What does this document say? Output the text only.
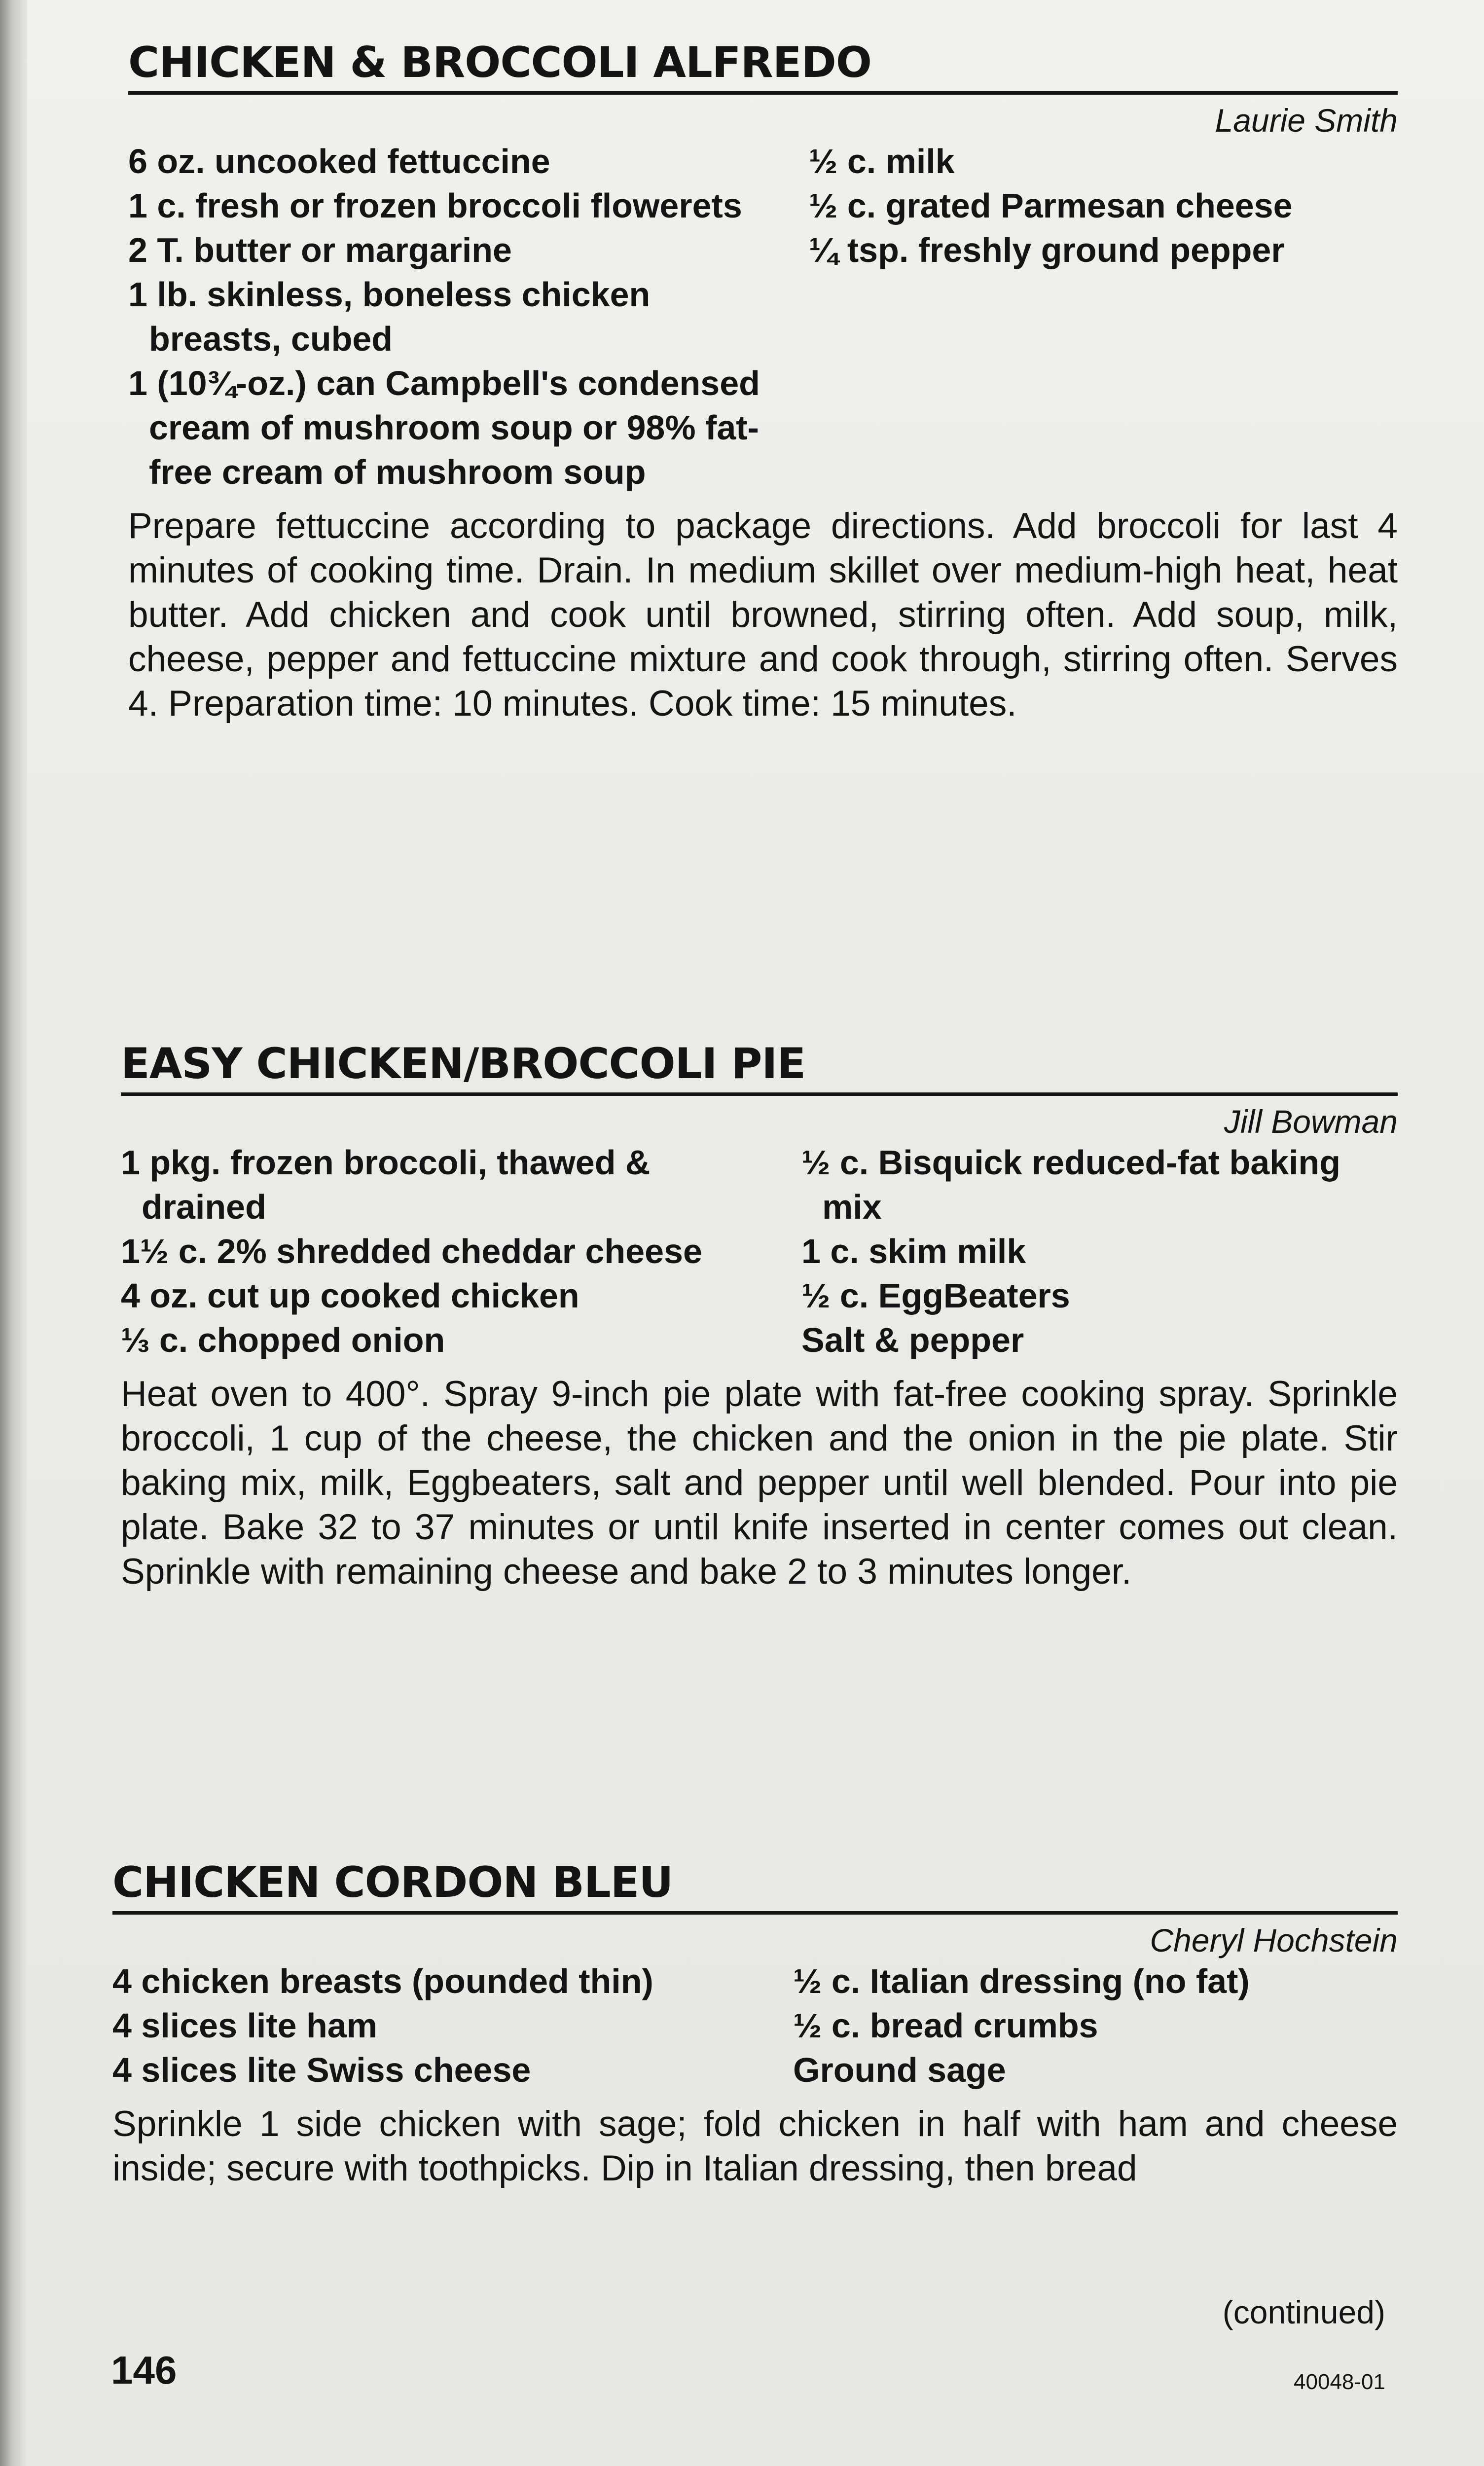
CHICKEN & BROCCOLI ALFREDO
Laurie Smith
6 oz. uncooked fettuccine
1 c. fresh or frozen broccoli flowerets
2 T. butter or margarine
1 lb. skinless, boneless chicken breasts, cubed
1 (10¾-oz.) can Campbell's condensed cream of mushroom soup or 98% fat-free cream of mushroom soup
½ c. milk
½ c. grated Parmesan cheese
¼ tsp. freshly ground pepper

Prepare fettuccine according to package directions. Add broccoli for last 4 minutes of cooking time. Drain. In medium skillet over medium-high heat, heat butter. Add chicken and cook until browned, stirring often. Add soup, milk, cheese, pepper and fettuccine mixture and cook through, stirring often. Serves 4. Preparation time: 10 minutes. Cook time: 15 minutes.

EASY CHICKEN/BROCCOLI PIE
Jill Bowman
1 pkg. frozen broccoli, thawed & drained
1½ c. 2% shredded cheddar cheese
4 oz. cut up cooked chicken
⅓ c. chopped onion
½ c. Bisquick reduced-fat baking mix
1 c. skim milk
½ c. EggBeaters
Salt & pepper

Heat oven to 400°. Spray 9-inch pie plate with fat-free cooking spray. Sprinkle broccoli, 1 cup of the cheese, the chicken and the onion in the pie plate. Stir baking mix, milk, Eggbeaters, salt and pepper until well blended. Pour into pie plate. Bake 32 to 37 minutes or until knife inserted in center comes out clean. Sprinkle with remaining cheese and bake 2 to 3 minutes longer.

CHICKEN CORDON BLEU
Cheryl Hochstein
4 chicken breasts (pounded thin)
4 slices lite ham
4 slices lite Swiss cheese
½ c. Italian dressing (no fat)
½ c. bread crumbs
Ground sage

Sprinkle 1 side chicken with sage; fold chicken in half with ham and cheese inside; secure with toothpicks. Dip in Italian dressing, then bread

(continued)
146	40048-01
